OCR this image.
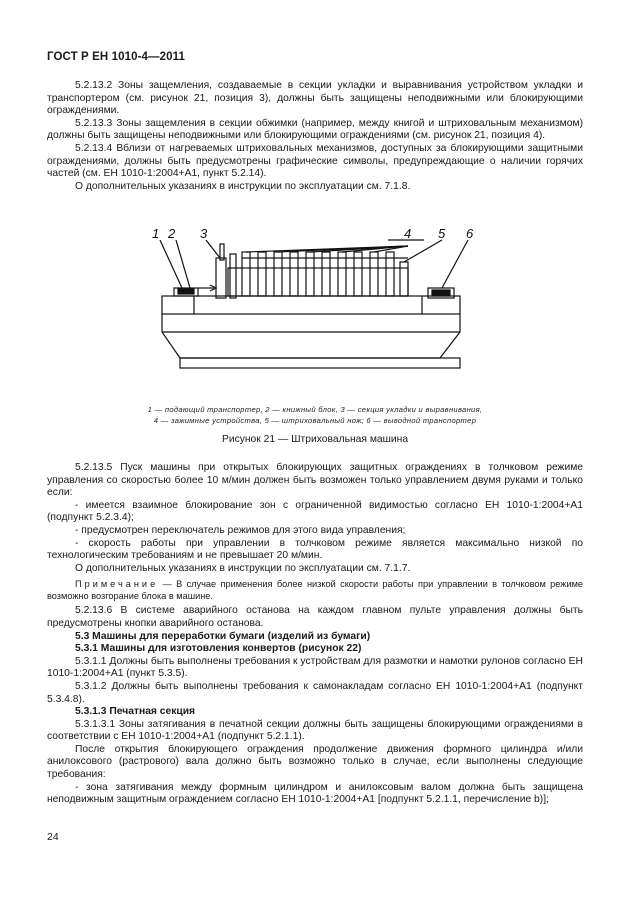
ГОСТ Р ЕН 1010-4—2011

5.2.13.2 Зоны защемления, создаваемые в секции укладки и выравнивания устройством укладки и транспортером (см. рисунок 21, позиция 3), должны быть защищены неподвижными или блокирующими ограждениями.

5.2.13.3 Зоны защемления в секции обжимки (например, между книгой и штриховальным механизмом) должны быть защищены неподвижными или блокирующими ограждениями (см. рисунок 21, позиция 4).

5.2.13.4 Вблизи от нагреваемых штриховальных механизмов, доступных за блокирующими защитными ограждениями, должны быть предусмотрены графические символы, предупреждающие о наличии горячих частей (см. ЕН 1010-1:2004+А1, пункт 5.2.14).

О дополнительных указаниях в инструкции по эксплуатации см. 7.1.8.

1 2 3	4 5 6
1 — подающий транспортер, 2 — книжный блок, 3 — секция укладки и выравнивания,
4 — зажимные устройства, 5 — штриховальный нож; 6 — выводной транспортер
Рисунок 21 — Штриховальная машина

5.2.13.5 Пуск машины при открытых блокирующих защитных ограждениях в толчковом режиме управления со скоростью более 10 м/мин должен быть возможен только управлением двумя руками и только если:

- имеется взаимное блокирование зон с ограниченной видимостью согласно ЕН 1010-1:2004+А1 (подпункт 5.2.3.4);

- предусмотрен переключатель режимов для этого вида управления;

- скорость работы при управлении в толчковом режиме является максимально низкой по технологическим требованиям и не превышает 20 м/мин.

О дополнительных указаниях в инструкции по эксплуатации см. 7.1.7.

Примечание — В случае применения более низкой скорости работы при управлении в толчковом режиме возможно возгорание блока в машине.

5.2.13.6 В системе аварийного останова на каждом главном пульте управления должны быть предусмотрены кнопки аварийного останова.

5.3 Машины для переработки бумаги (изделий из бумаги)

5.3.1 Машины для изготовления конвертов (рисунок 22)

5.3.1.1 Должны быть выполнены требования к устройствам для размотки и намотки рулонов согласно ЕН 1010-1:2004+А1 (пункт 5.3.5).

5.3.1.2 Должны быть выполнены требования к самонакладам согласно ЕН 1010-1:2004+А1 (подпункт 5.3.4.8).

5.3.1.3 Печатная секция

5.3.1.3.1 Зоны затягивания в печатной секции должны быть защищены блокирующими ограждениями в соответствии с ЕН 1010-1:2004+А1 (подпункт 5.2.1.1).

После открытия блокирующего ограждения продолжение движения формного цилиндра и/или анилоксового (растрового) вала должно быть возможно только в случае, если выполнены следующие требования:

- зона затягивания между формным цилиндром и анилоксовым валом должна быть защищена неподвижным защитным ограждением согласно ЕН 1010-1:2004+А1 [подпункт 5.2.1.1, перечисление b)];

24
